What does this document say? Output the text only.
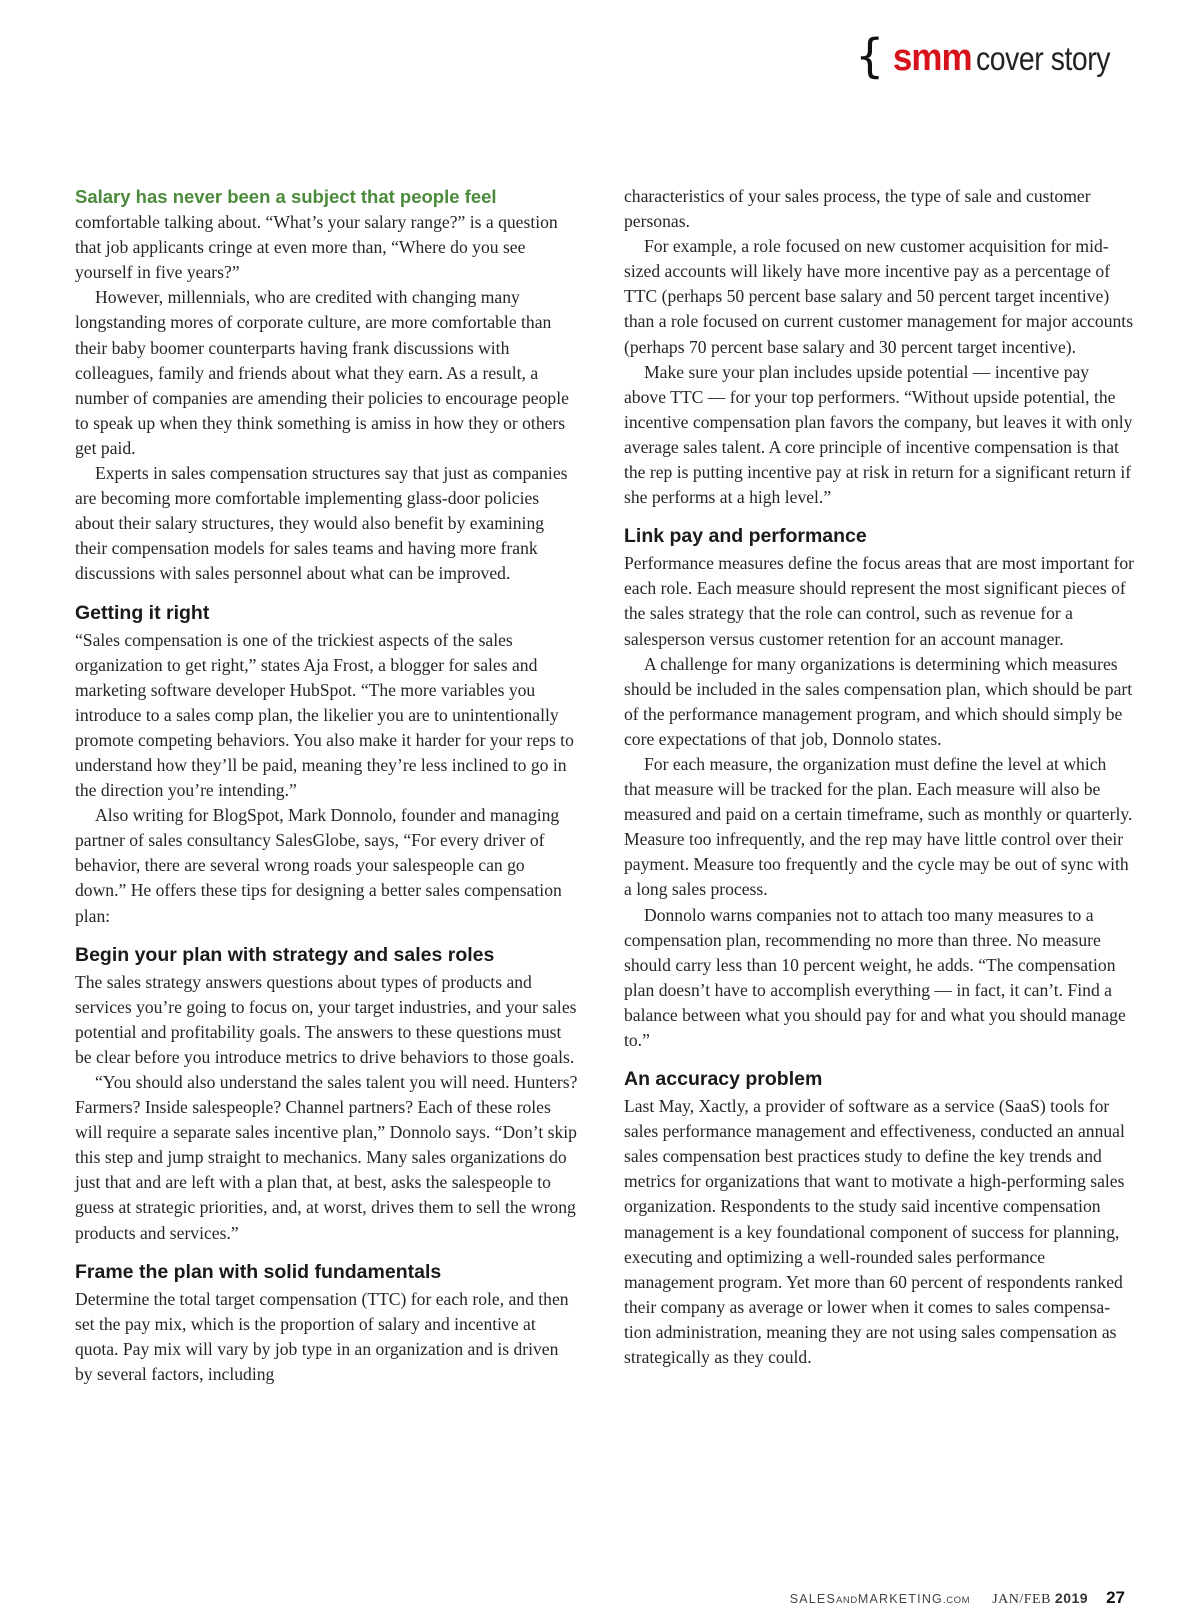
{ smm cover story

Salary has never been a subject that people feel comfortable talking about. “What’s your salary range?” is a question that job applicants cringe at even more than, “Where do you see yourself in five years?”

However, millennials, who are credited with changing many longstanding mores of corporate culture, are more comfortable than their baby boomer counterparts having frank discussions with colleagues, family and friends about what they earn. As a result, a number of companies are amending their policies to encourage people to speak up when they think something is amiss in how they or others get paid.

Experts in sales compensation structures say that just as companies are becoming more comfortable implementing glass-door policies about their salary structures, they would also benefit by examining their compensation models for sales teams and having more frank discussions with sales personnel about what can be improved.

Getting it right

“Sales compensation is one of the trickiest aspects of the sales organization to get right,” states Aja Frost, a blogger for sales and marketing software developer HubSpot. “The more variables you introduce to a sales comp plan, the likelier you are to unintentionally promote competing behaviors. You also make it harder for your reps to understand how they’ll be paid, meaning they’re less inclined to go in the direction you’re intending.”

Also writing for BlogSpot, Mark Donnolo, founder and managing partner of sales consultancy SalesGlobe, says, “For every driver of behavior, there are several wrong roads your salespeople can go down.” He offers these tips for designing a better sales compensation plan:

Begin your plan with strategy and sales roles

The sales strategy answers questions about types of products and services you’re going to focus on, your target industries, and your sales potential and profitability goals. The answers to these questions must be clear before you introduce metrics to drive behaviors to those goals.

“You should also understand the sales talent you will need. Hunters? Farmers? Inside salespeople? Channel partners? Each of these roles will require a separate sales incentive plan,” Donnolo says. “Don’t skip this step and jump straight to mechanics. Many sales organizations do just that and are left with a plan that, at best, asks the salespeople to guess at strategic priorities, and, at worst, drives them to sell the wrong products and services.”

Frame the plan with solid fundamentals

Determine the total target compensation (TTC) for each role, and then set the pay mix, which is the proportion of salary and incentive at quota. Pay mix will vary by job type in an organization and is driven by several factors, including

characteristics of your sales process, the type of sale and customer personas.

For example, a role focused on new customer acquisition for mid-sized accounts will likely have more incentive pay as a percentage of TTC (perhaps 50 percent base salary and 50 percent target incentive) than a role focused on current customer management for major accounts (perhaps 70 percent base salary and 30 percent target incentive).

Make sure your plan includes upside potential — incentive pay above TTC — for your top performers. “Without upside potential, the incentive compensation plan favors the company, but leaves it with only average sales talent. A core principle of incentive compensation is that the rep is putting incentive pay at risk in return for a significant return if she performs at a high level.”

Link pay and performance

Performance measures define the focus areas that are most important for each role. Each measure should represent the most significant pieces of the sales strategy that the role can control, such as revenue for a salesperson versus customer retention for an account manager.

A challenge for many organizations is determining which measures should be included in the sales compensation plan, which should be part of the performance management program, and which should simply be core expectations of that job, Donnolo states.

For each measure, the organization must define the level at which that measure will be tracked for the plan. Each measure will also be measured and paid on a certain timeframe, such as monthly or quarterly. Measure too infrequently, and the rep may have little control over their payment. Measure too frequently and the cycle may be out of sync with a long sales process.

Donnolo warns companies not to attach too many measures to a compensation plan, recommending no more than three. No measure should carry less than 10 percent weight, he adds. “The compensation plan doesn’t have to accomplish everything — in fact, it can’t. Find a balance between what you should pay for and what you should manage to.”

An accuracy problem

Last May, Xactly, a provider of software as a service (SaaS) tools for sales performance management and effectiveness, conducted an annual sales compensation best practices study to define the key trends and metrics for organizations that want to motivate a high-performing sales organization. Respondents to the study said incentive compensation management is a key foundational component of success for planning, executing and optimizing a well-rounded sales performance management program. Yet more than 60 percent of respondents ranked their company as average or lower when it comes to sales compensa-tion administration, meaning they are not using sales compensation as strategically as they could.

SALESANDMARKETING.COM JAN/FEB 2019 27
